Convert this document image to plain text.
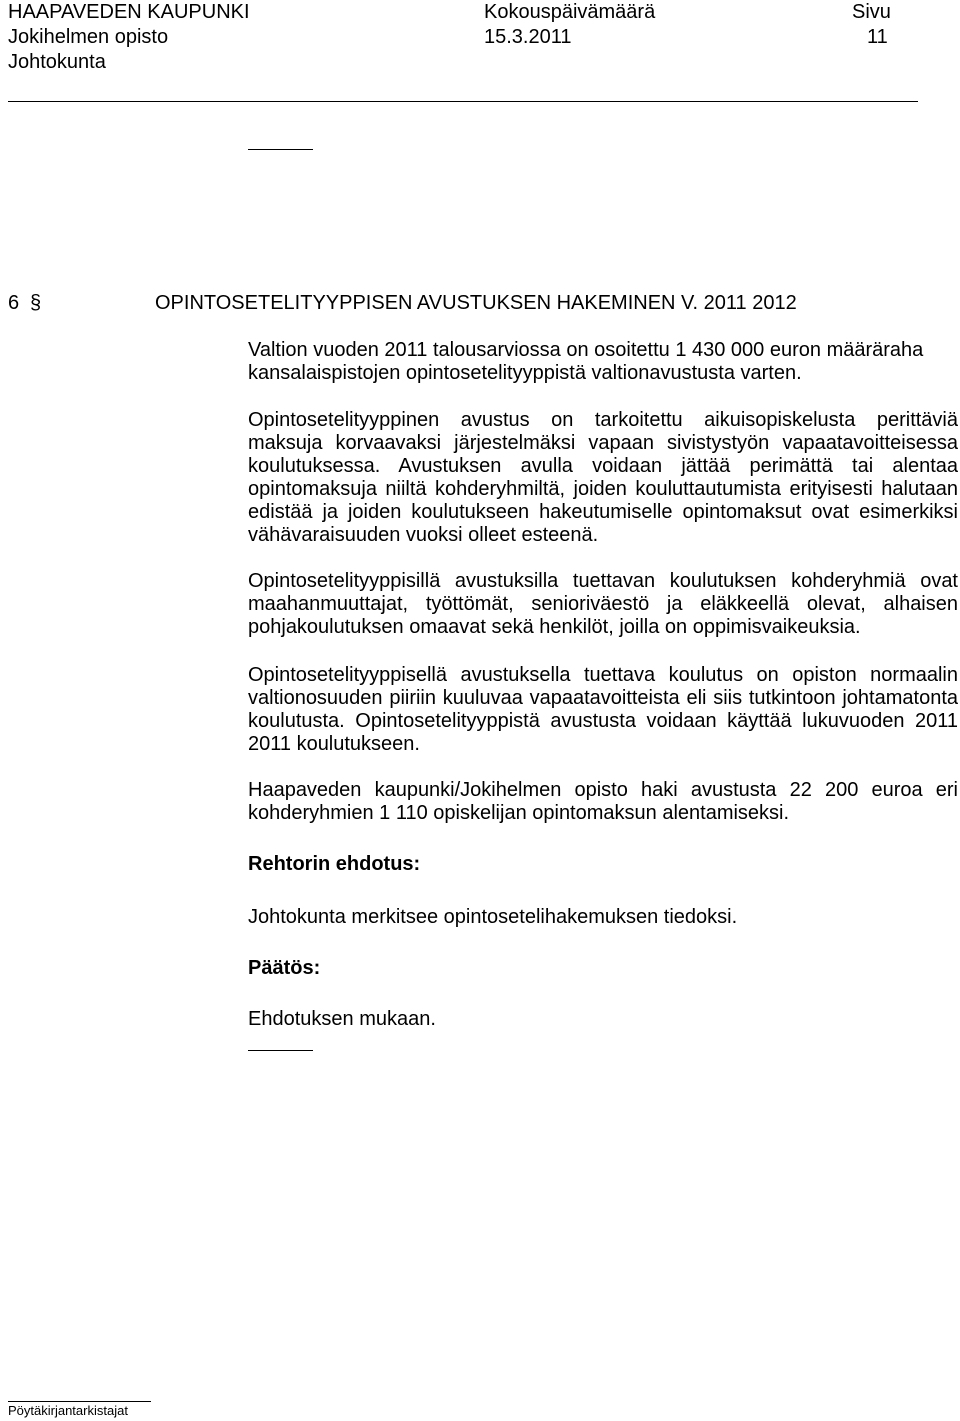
HAAPAVEDEN KAUPUNKI
Jokihelmen opisto
Johtokunta
Kokouspäivämäärä
15.3.2011
Sivu
11
6 §	OPINTOSETELITYYPPISEN AVUSTUKSEN HAKEMINEN V. 2011 2012

Valtion vuoden 2011 talousarviossa on osoitettu 1 430 000 euron määräraha kansalaispistojen opintosetelityyppistä valtionavustusta varten.

Opintosetelityyppinen avustus on tarkoitettu aikuisopiskelusta perittäviä maksuja korvaavaksi järjestelmäksi vapaan sivistystyön vapaatavoitteisessa koulutuksessa. Avustuksen avulla voidaan jättää perimättä tai alentaa opintomaksuja niiltä kohderyhmiltä, joiden kouluttautumista erityisesti halutaan edistää ja joiden koulutukseen hakeutumiselle opintomaksut ovat esimerkiksi vähävaraisuuden vuoksi olleet esteenä.

Opintosetelityyppisillä avustuksilla tuettavan koulutuksen kohderyhmiä ovat maahanmuuttajat, työttömät, senioriväestö ja eläkkeellä olevat, alhaisen pohjakoulutuksen omaavat sekä henkilöt, joilla on oppimisvaikeuksia.

Opintosetelityyppisellä avustuksella tuettava koulutus on opiston normaalin valtionosuuden piiriin kuuluvaa vapaatavoitteista eli siis tutkintoon johtamatonta koulutusta. Opintosetelityyppistä avustusta voidaan käyttää lukuvuoden 2011 2011 koulutukseen.

Haapaveden kaupunki/Jokihelmen opisto haki avustusta 22 200 euroa eri kohderyhmien 1 110 opiskelijan opintomaksun alentamiseksi.

Rehtorin ehdotus:

Johtokunta merkitsee opintosetelihakemuksen tiedoksi.

Päätös:

Ehdotuksen mukaan.

Pöytäkirjantarkistajat
